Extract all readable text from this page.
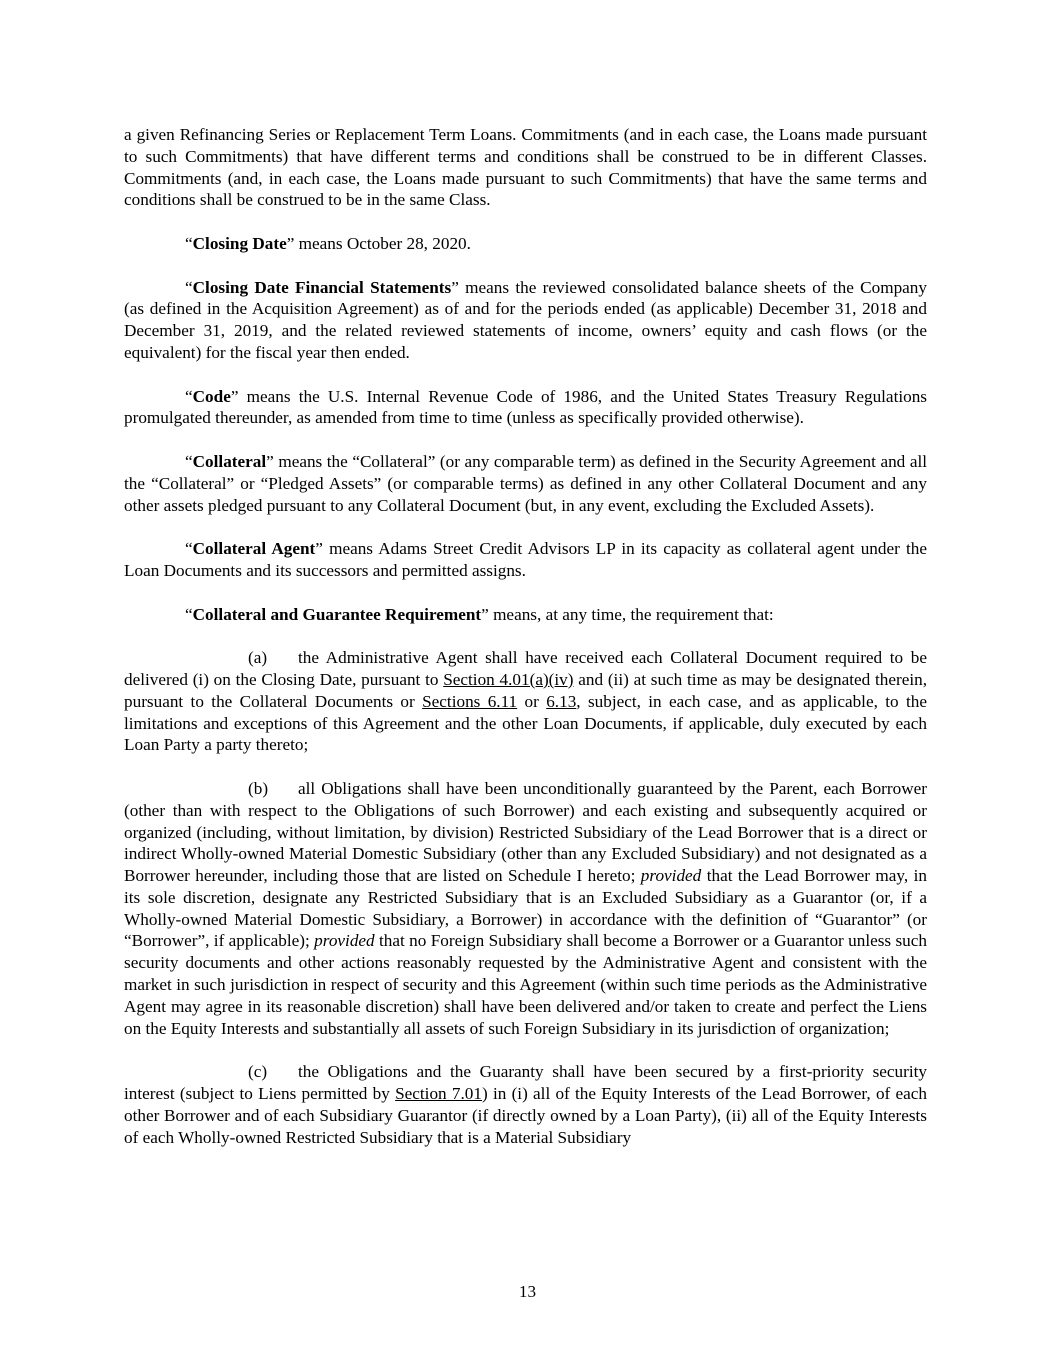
a given Refinancing Series or Replacement Term Loans. Commitments (and in each case, the Loans made pursuant to such Commitments) that have different terms and conditions shall be construed to be in different Classes. Commitments (and, in each case, the Loans made pursuant to such Commitments) that have the same terms and conditions shall be construed to be in the same Class.

“Closing Date” means October 28, 2020.

“Closing Date Financial Statements” means the reviewed consolidated balance sheets of the Company (as defined in the Acquisition Agreement) as of and for the periods ended (as applicable) December 31, 2018 and December 31, 2019, and the related reviewed statements of income, owners’ equity and cash flows (or the equivalent) for the fiscal year then ended.

“Code” means the U.S. Internal Revenue Code of 1986, and the United States Treasury Regulations promulgated thereunder, as amended from time to time (unless as specifically provided otherwise).

“Collateral” means the “Collateral” (or any comparable term) as defined in the Security Agreement and all the “Collateral” or “Pledged Assets” (or comparable terms) as defined in any other Collateral Document and any other assets pledged pursuant to any Collateral Document (but, in any event, excluding the Excluded Assets).

“Collateral Agent” means Adams Street Credit Advisors LP in its capacity as collateral agent under the Loan Documents and its successors and permitted assigns.

“Collateral and Guarantee Requirement” means, at any time, the requirement that:

(a) the Administrative Agent shall have received each Collateral Document required to be delivered (i) on the Closing Date, pursuant to Section 4.01(a)(iv) and (ii) at such time as may be designated therein, pursuant to the Collateral Documents or Sections 6.11 or 6.13, subject, in each case, and as applicable, to the limitations and exceptions of this Agreement and the other Loan Documents, if applicable, duly executed by each Loan Party a party thereto;

(b) all Obligations shall have been unconditionally guaranteed by the Parent, each Borrower (other than with respect to the Obligations of such Borrower) and each existing and subsequently acquired or organized (including, without limitation, by division) Restricted Subsidiary of the Lead Borrower that is a direct or indirect Wholly-owned Material Domestic Subsidiary (other than any Excluded Subsidiary) and not designated as a Borrower hereunder, including those that are listed on Schedule I hereto; provided that the Lead Borrower may, in its sole discretion, designate any Restricted Subsidiary that is an Excluded Subsidiary as a Guarantor (or, if a Wholly-owned Material Domestic Subsidiary, a Borrower) in accordance with the definition of “Guarantor” (or “Borrower”, if applicable); provided that no Foreign Subsidiary shall become a Borrower or a Guarantor unless such security documents and other actions reasonably requested by the Administrative Agent and consistent with the market in such jurisdiction in respect of security and this Agreement (within such time periods as the Administrative Agent may agree in its reasonable discretion) shall have been delivered and/or taken to create and perfect the Liens on the Equity Interests and substantially all assets of such Foreign Subsidiary in its jurisdiction of organization;

(c) the Obligations and the Guaranty shall have been secured by a first-priority security interest (subject to Liens permitted by Section 7.01) in (i) all of the Equity Interests of the Lead Borrower, of each other Borrower and of each Subsidiary Guarantor (if directly owned by a Loan Party), (ii) all of the Equity Interests of each Wholly-owned Restricted Subsidiary that is a Material Subsidiary

13
